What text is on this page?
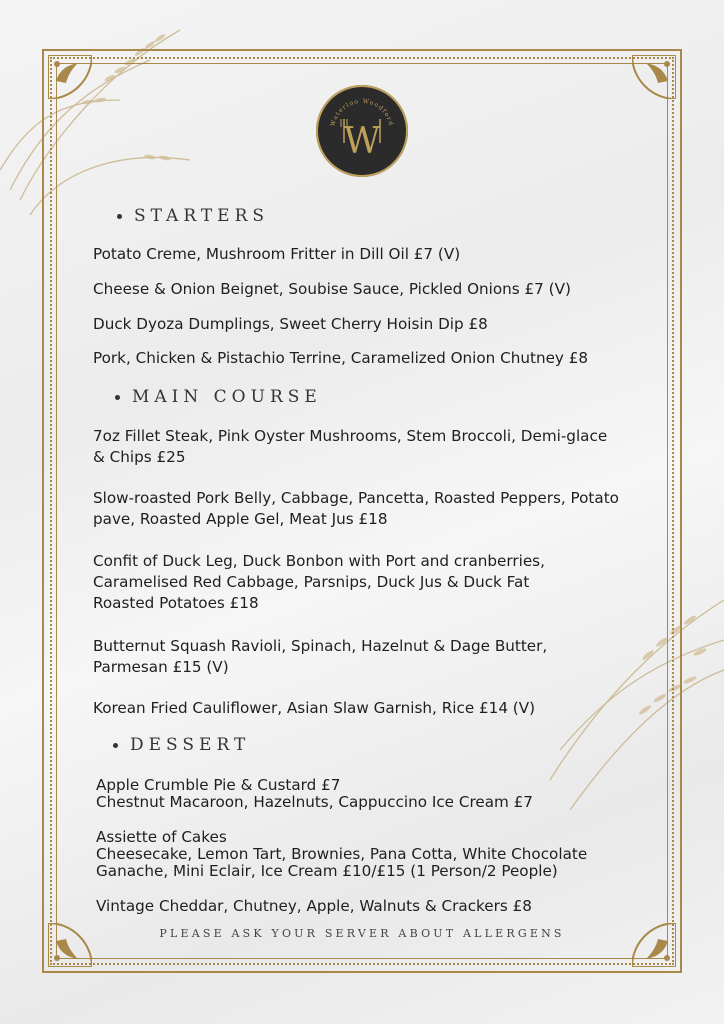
Waterloo Woodford
W
STARTERS

Potato Creme, Mushroom Fritter in Dill Oil £7 (V)

Cheese & Onion Beignet, Soubise Sauce, Pickled Onions £7 (V)

Duck Dyoza Dumplings, Sweet Cherry Hoisin Dip £8

Pork, Chicken & Pistachio Terrine, Caramelized Onion Chutney £8

MAIN COURSE

7oz Fillet Steak, Pink Oyster Mushrooms, Stem Broccoli, Demi-glace & Chips £25

Slow-roasted Pork Belly, Cabbage, Pancetta, Roasted Peppers, Potato pave, Roasted Apple Gel, Meat Jus £18

Confit of Duck Leg, Duck Bonbon with Port and cranberries, Caramelised Red Cabbage, Parsnips, Duck Jus & Duck Fat Roasted Potatoes £18

Butternut Squash Ravioli, Spinach, Hazelnut & Dage Butter, Parmesan £15 (V)

Korean Fried Cauliflower, Asian Slaw Garnish, Rice £14 (V)

DESSERT

Apple Crumble Pie & Custard £7

Chestnut Macaroon, Hazelnuts, Cappuccino Ice Cream £7

Assiette of Cakes

Cheesecake, Lemon Tart, Brownies, Pana Cotta, White Chocolate Ganache, Mini Eclair, Ice Cream £10/£15 (1 Person/2 People)

Vintage Cheddar, Chutney, Apple, Walnuts & Crackers £8

PLEASE ASK YOUR SERVER ABOUT ALLERGENS
